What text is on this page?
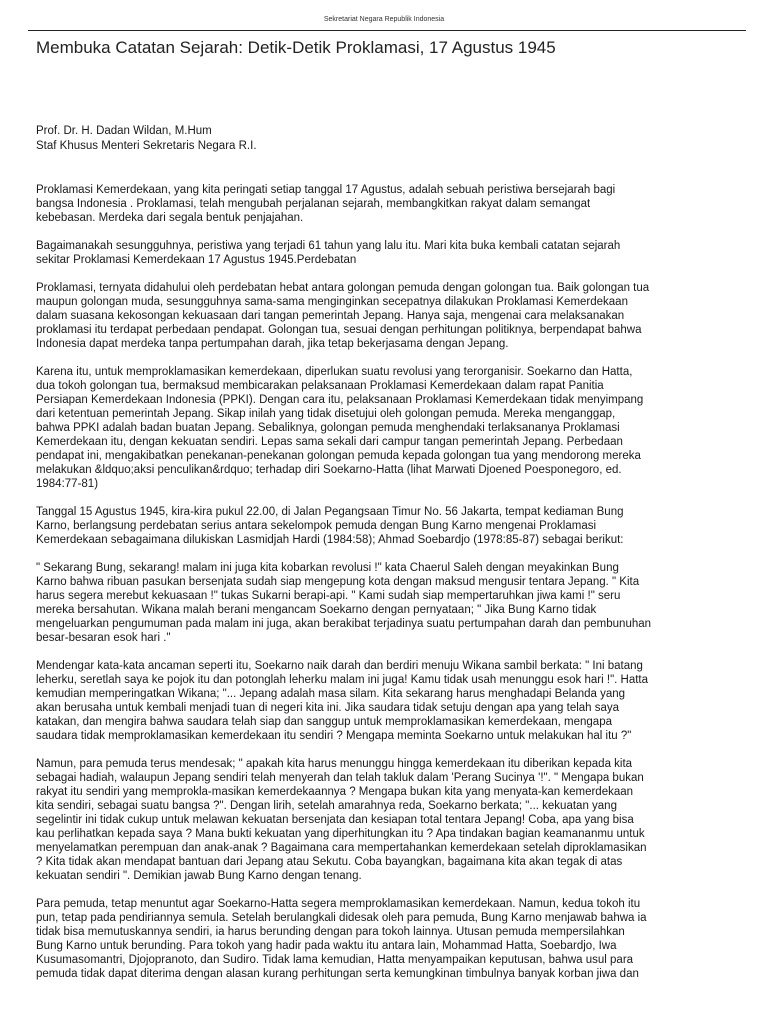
Sekretariat Negara Republik Indonesia
Membuka Catatan Sejarah: Detik-Detik Proklamasi, 17 Agustus 1945
Prof. Dr. H. Dadan Wildan, M.Hum
Staf Khusus Menteri Sekretaris Negara R.I.

Proklamasi Kemerdekaan, yang kita peringati setiap tanggal 17 Agustus, adalah sebuah peristiwa bersejarah bagi
bangsa Indonesia . Proklamasi, telah mengubah perjalanan sejarah, membangkitkan rakyat dalam semangat
kebebasan. Merdeka dari segala bentuk penjajahan.

Bagaimanakah sesungguhnya, peristiwa yang terjadi 61 tahun yang lalu itu. Mari kita buka kembali catatan sejarah
sekitar Proklamasi Kemerdekaan 17 Agustus 1945.Perdebatan

Proklamasi, ternyata didahului oleh perdebatan hebat antara golongan pemuda dengan golongan tua. Baik golongan tua
maupun golongan muda, sesungguhnya sama-sama menginginkan secepatnya dilakukan Proklamasi Kemerdekaan
dalam suasana kekosongan kekuasaan dari tangan pemerintah Jepang. Hanya saja, mengenai cara melaksanakan
proklamasi itu terdapat perbedaan pendapat. Golongan tua, sesuai dengan perhitungan politiknya, berpendapat bahwa
Indonesia dapat merdeka tanpa pertumpahan darah, jika tetap bekerjasama dengan Jepang.

Karena itu, untuk memproklamasikan kemerdekaan, diperlukan suatu revolusi yang terorganisir. Soekarno dan Hatta,
dua tokoh golongan tua, bermaksud membicarakan pelaksanaan Proklamasi Kemerdekaan dalam rapat Panitia
Persiapan Kemerdekaan Indonesia (PPKI). Dengan cara itu, pelaksanaan Proklamasi Kemerdekaan tidak menyimpang
dari ketentuan pemerintah Jepang. Sikap inilah yang tidak disetujui oleh golongan pemuda. Mereka menganggap,
bahwa PPKI adalah badan buatan Jepang. Sebaliknya, golongan pemuda menghendaki terlaksananya Proklamasi
Kemerdekaan itu, dengan kekuatan sendiri. Lepas sama sekali dari campur tangan pemerintah Jepang. Perbedaan
pendapat ini, mengakibatkan penekanan-penekanan golongan pemuda kepada golongan tua yang mendorong mereka
melakukan &ldquo;aksi penculikan&rdquo; terhadap diri Soekarno-Hatta (lihat Marwati Djoened Poesponegoro, ed.
1984:77-81)

Tanggal 15 Agustus 1945, kira-kira pukul 22.00, di Jalan Pegangsaan Timur No. 56 Jakarta, tempat kediaman Bung
Karno, berlangsung perdebatan serius antara sekelompok pemuda dengan Bung Karno mengenai Proklamasi
Kemerdekaan sebagaimana dilukiskan Lasmidjah Hardi (1984:58); Ahmad Soebardjo (1978:85-87) sebagai berikut:

" Sekarang Bung, sekarang! malam ini juga kita kobarkan revolusi !" kata Chaerul Saleh dengan meyakinkan Bung
Karno bahwa ribuan pasukan bersenjata sudah siap mengepung kota dengan maksud mengusir tentara Jepang. " Kita
harus segera merebut kekuasaan !" tukas Sukarni berapi-api. " Kami sudah siap mempertaruhkan jiwa kami !" seru
mereka bersahutan. Wikana malah berani mengancam Soekarno dengan pernyataan; " Jika Bung Karno tidak
mengeluarkan pengumuman pada malam ini juga, akan berakibat terjadinya suatu pertumpahan darah dan pembunuhan
besar-besaran esok hari ."

Mendengar kata-kata ancaman seperti itu, Soekarno naik darah dan berdiri menuju Wikana sambil berkata: " Ini batang
leherku, seretlah saya ke pojok itu dan potonglah leherku malam ini juga! Kamu tidak usah menunggu esok hari !". Hatta
kemudian memperingatkan Wikana; "... Jepang adalah masa silam. Kita sekarang harus menghadapi Belanda yang
akan berusaha untuk kembali menjadi tuan di negeri kita ini. Jika saudara tidak setuju dengan apa yang telah saya
katakan, dan mengira bahwa saudara telah siap dan sanggup untuk memproklamasikan kemerdekaan, mengapa
saudara tidak memproklamasikan kemerdekaan itu sendiri ? Mengapa meminta Soekarno untuk melakukan hal itu ?"

Namun, para pemuda terus mendesak; " apakah kita harus menunggu hingga kemerdekaan itu diberikan kepada kita
sebagai hadiah, walaupun Jepang sendiri telah menyerah dan telah takluk dalam 'Perang Sucinya '!". " Mengapa bukan
rakyat itu sendiri yang memprokla-masikan kemerdekaannya ? Mengapa bukan kita yang menyata-kan kemerdekaan
kita sendiri, sebagai suatu bangsa ?". Dengan lirih, setelah amarahnya reda, Soekarno berkata; "... kekuatan yang
segelintir ini tidak cukup untuk melawan kekuatan bersenjata dan kesiapan total tentara Jepang! Coba, apa yang bisa
kau perlihatkan kepada saya ? Mana bukti kekuatan yang diperhitungkan itu ? Apa tindakan bagian keamananmu untuk
menyelamatkan perempuan dan anak-anak ? Bagaimana cara mempertahankan kemerdekaan setelah diproklamasikan
? Kita tidak akan mendapat bantuan dari Jepang atau Sekutu. Coba bayangkan, bagaimana kita akan tegak di atas
kekuatan sendiri ". Demikian jawab Bung Karno dengan tenang.

Para pemuda, tetap menuntut agar Soekarno-Hatta segera memproklamasikan kemerdekaan. Namun, kedua tokoh itu
pun, tetap pada pendiriannya semula. Setelah berulangkali didesak oleh para pemuda, Bung Karno menjawab bahwa ia
tidak bisa memutuskannya sendiri, ia harus berunding dengan para tokoh lainnya. Utusan pemuda mempersilahkan
Bung Karno untuk berunding. Para tokoh yang hadir pada waktu itu antara lain, Mohammad Hatta, Soebardjo, Iwa
Kusumasomantri, Djojopranoto, dan Sudiro. Tidak lama kemudian, Hatta menyampaikan keputusan, bahwa usul para
pemuda tidak dapat diterima dengan alasan kurang perhitungan serta kemungkinan timbulnya banyak korban jiwa dan
